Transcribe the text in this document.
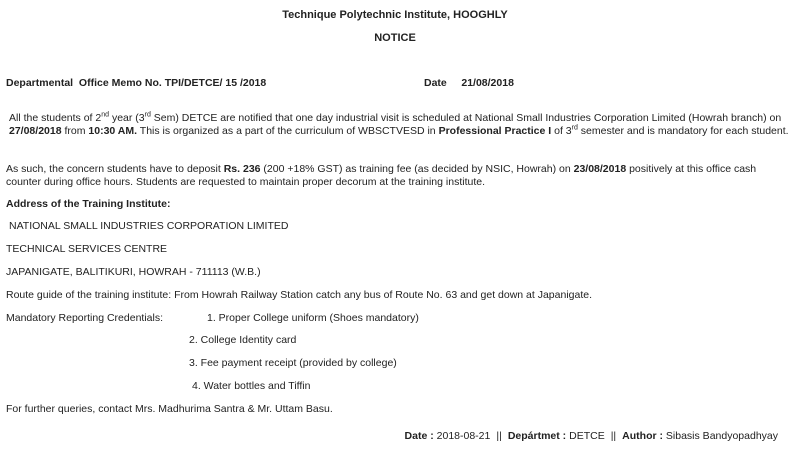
Technique Polytechnic Institute, HOOGHLY
NOTICE
Departmental  Office Memo No. TPI/DETCE/ 15 /2018	Date 21/08/2018
All the students of 2nd year (3rd Sem) DETCE are notified that one day industrial visit is scheduled at National Small Industries Corporation Limited (Howrah branch) on 27/08/2018 from 10:30 AM. This is organized as a part of the curriculum of WBSCTVESD in Professional Practice I of 3rd semester and is mandatory for each student.
As such, the concern students have to deposit Rs. 236 (200 +18% GST) as training fee (as decided by NSIC, Howrah) on 23/08/2018 positively at this office cash counter during office hours. Students are requested to maintain proper decorum at the training institute.
Address of the Training Institute:
NATIONAL SMALL INDUSTRIES CORPORATION LIMITED
TECHNICAL SERVICES CENTRE
JAPANIGATE, BALITIKURI, HOWRAH - 711113 (W.B.)
Route guide of the training institute: From Howrah Railway Station catch any bus of Route No. 63 and get down at Japanigate.
Mandatory Reporting Credentials:	1. Proper College uniform (Shoes mandatory)
2. College Identity card
3. Fee payment receipt (provided by college)
4. Water bottles and Tiffin
For further queries, contact Mrs. Madhurima Santra & Mr. Uttam Basu.
Date : 2018-08-21 || Depártmet : DETCE || Author : Sibasis Bandyopadhyay
